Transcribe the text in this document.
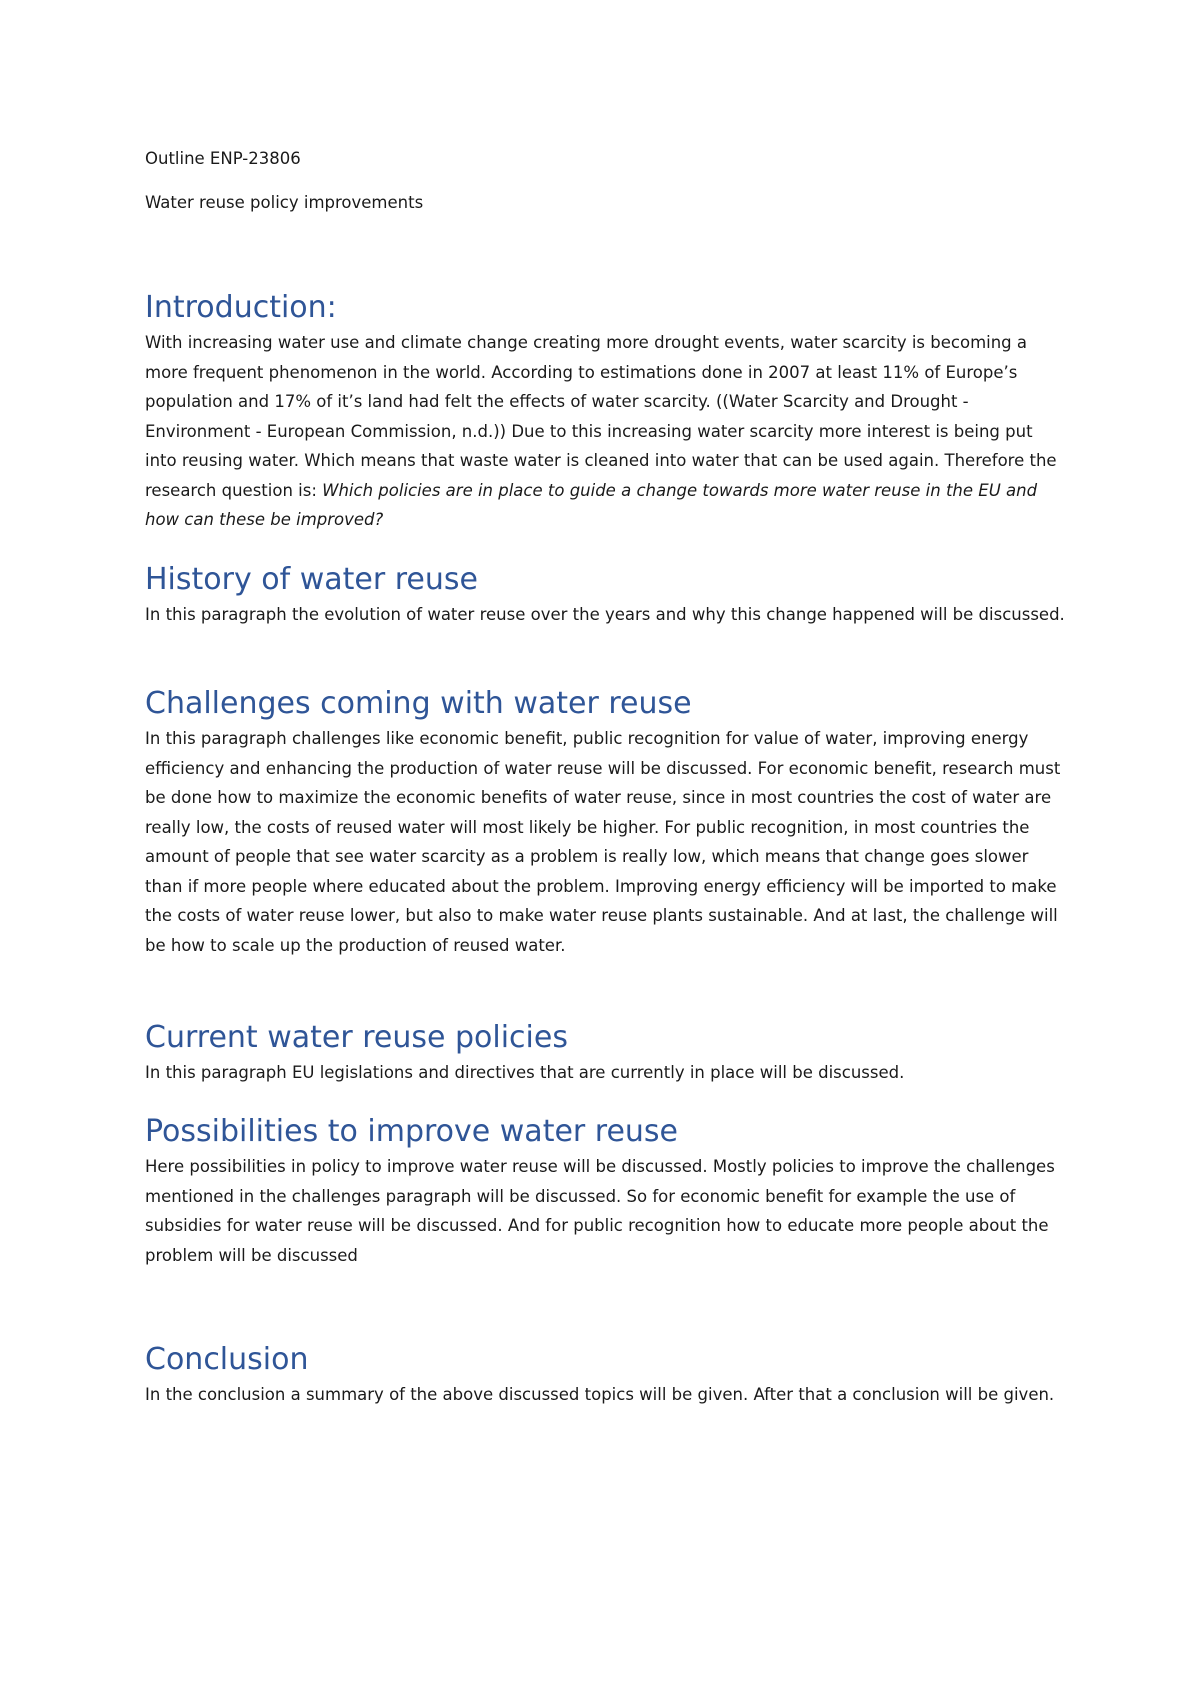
Outline ENP-23806

Water reuse policy improvements

Introduction:

With increasing water use and climate change creating more drought events, water scarcity is becoming a more frequent phenomenon in the world. According to estimations done in 2007 at least 11% of Europe’s population and 17% of it’s land had felt the effects of water scarcity. ((Water Scarcity and Drought - Environment - European Commission, n.d.)) Due to this increasing water scarcity more interest is being put into reusing water. Which means that waste water is cleaned into water that can be used again. Therefore the research question is: Which policies are in place to guide a change towards more water reuse in the EU and how can these be improved?

History of water reuse

In this paragraph the evolution of water reuse over the years and why this change happened will be discussed.

Challenges coming with water reuse

In this paragraph challenges like economic benefit, public recognition for value of water, improving energy efficiency and enhancing the production of water reuse will be discussed. For economic benefit, research must be done how to maximize the economic benefits of water reuse, since in most countries the cost of water are really low, the costs of reused water will most likely be higher. For public recognition, in most countries the amount of people that see water scarcity as a problem is really low, which means that change goes slower than if more people where educated about the problem. Improving energy efficiency will be imported to make the costs of water reuse lower, but also to make water reuse plants sustainable. And at last, the challenge will be how to scale up the production of reused water.

Current water reuse policies

In this paragraph EU legislations and directives that are currently in place will be discussed.

Possibilities to improve water reuse

Here possibilities in policy to improve water reuse will be discussed. Mostly policies to improve the challenges mentioned in the challenges paragraph will be discussed. So for economic benefit for example the use of subsidies for water reuse will be discussed. And for public recognition how to educate more people about the problem will be discussed

Conclusion

In the conclusion a summary of the above discussed topics will be given. After that a conclusion will be given.
